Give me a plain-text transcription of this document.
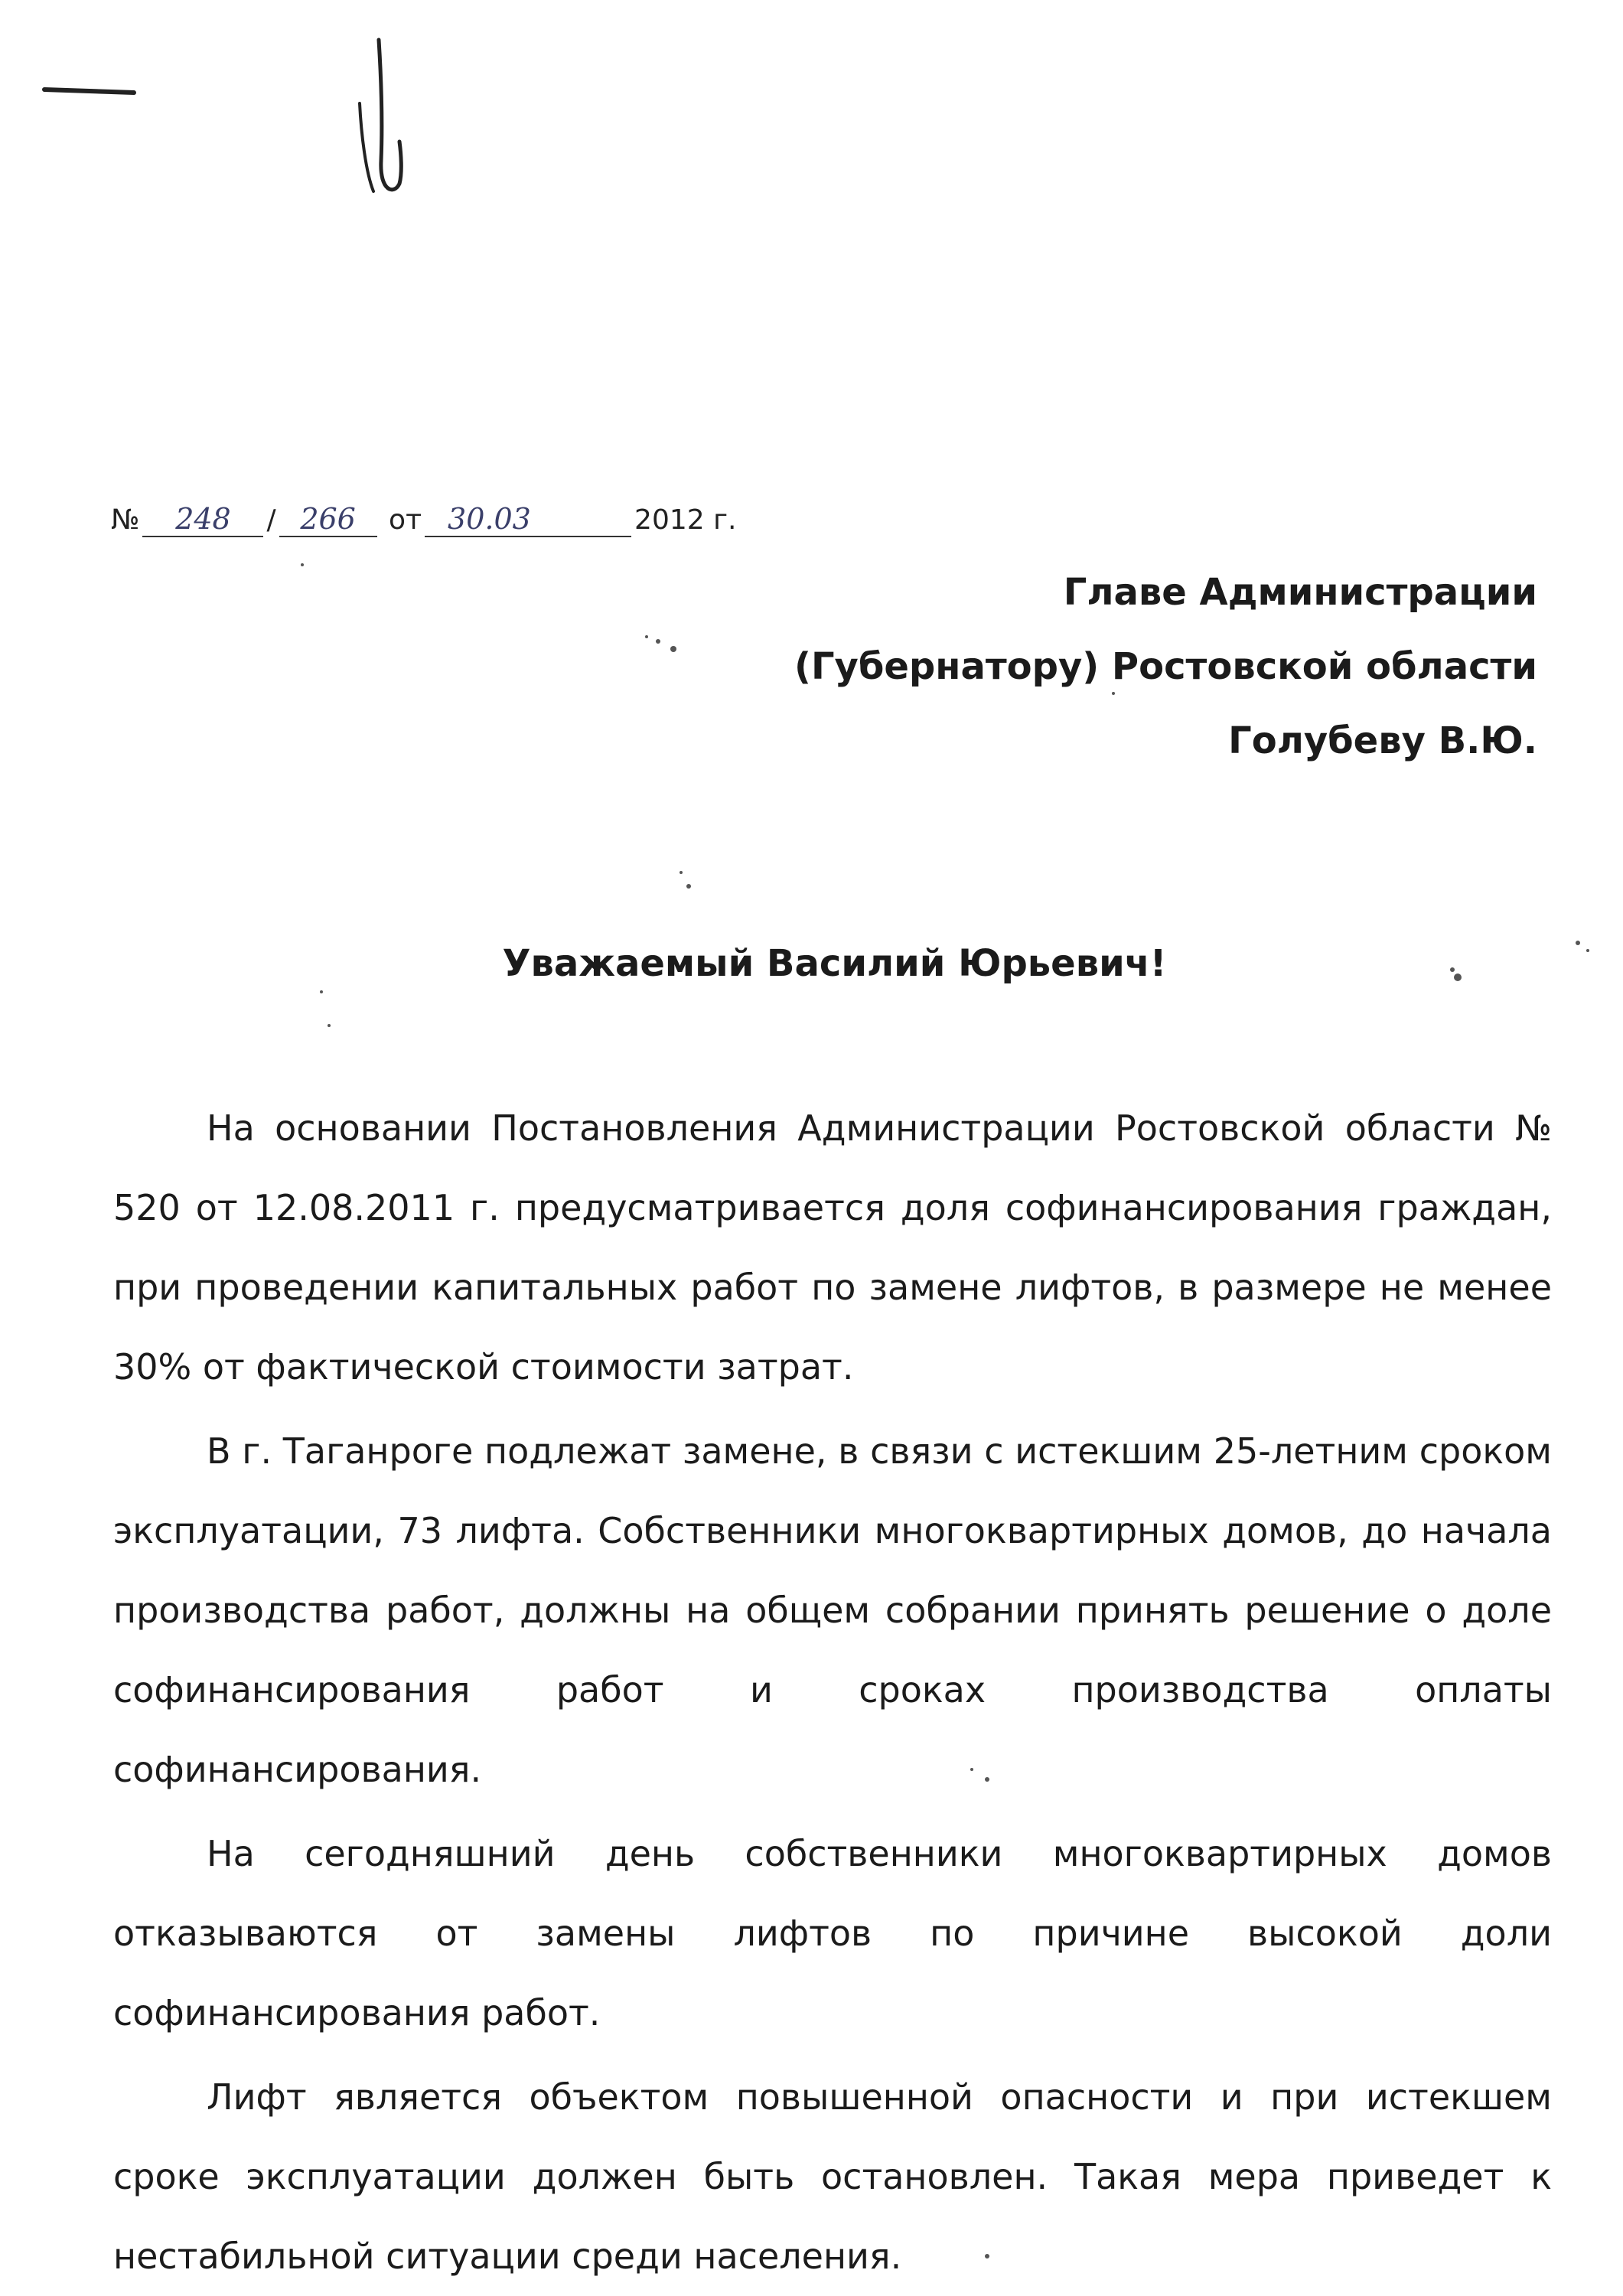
№ 248 / 266 от 30.03	2012 г.
Главе Администрации
(Губернатору) Ростовской области
Голубеву В.Ю.
Уважаемый Василий Юрьевич!

На основании Постановления Администрации Ростовской области № 520 от 12.08.2011 г. предусматривается доля софинансирования граждан, при проведении капитальных работ по замене лифтов, в размере не менее 30% от фактической стоимости затрат.

В г. Таганроге подлежат замене, в связи с истекшим 25-летним сроком эксплуатации, 73 лифта. Собственники многоквартирных домов, до начала производства работ, должны на общем собрании принять решение о доле софинансирования работ и сроках производства оплаты софинансирования.

На сегодняшний день собственники многоквартирных домов отказываются от замены лифтов по причине высокой доли софинансирования работ.

Лифт является объектом повышенной опасности и при истекшем сроке эксплуатации должен быть остановлен. Такая мера приведет к нестабильной ситуации среди населения.
